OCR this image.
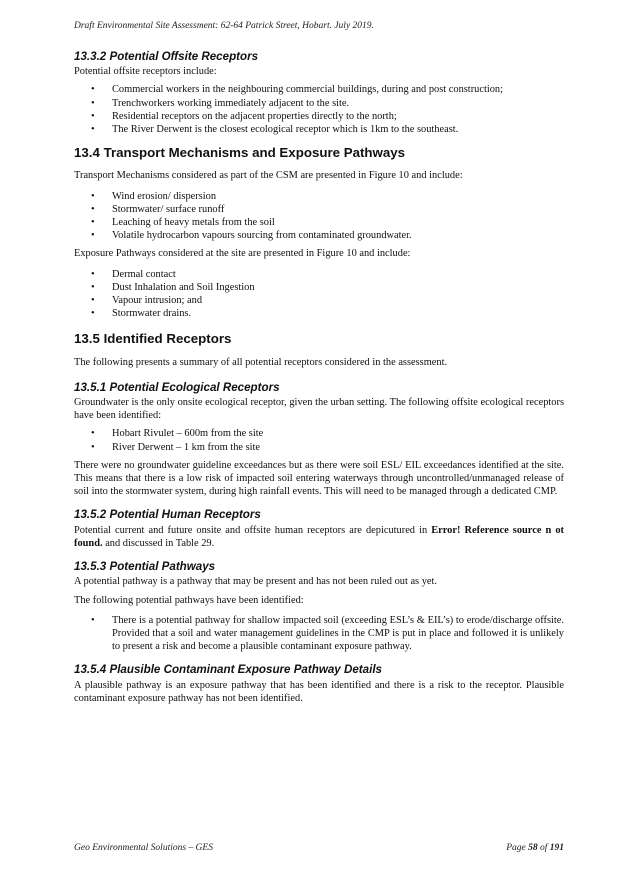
Draft Environmental Site Assessment: 62-64 Patrick Street, Hobart. July 2019.
13.3.2 Potential Offsite Receptors

Potential offsite receptors include:

• Commercial workers in the neighbouring commercial buildings, during and post construction;
• Trenchworkers working immediately adjacent to the site.
• Residential receptors on the adjacent properties directly to the north;
• The River Derwent is the closest ecological receptor which is 1km to the southeast.
13.4 Transport Mechanisms and Exposure Pathways

Transport Mechanisms considered as part of the CSM are presented in Figure 10 and include:

• Wind erosion/ dispersion
• Stormwater/ surface runoff
• Leaching of heavy metals from the soil
• Volatile hydrocarbon vapours sourcing from contaminated groundwater.

Exposure Pathways considered at the site are presented in Figure 10 and include:

• Dermal contact
• Dust Inhalation and Soil Ingestion
• Vapour intrusion; and
• Stormwater drains.
13.5 Identified Receptors

The following presents a summary of all potential receptors considered in the assessment.

13.5.1 Potential Ecological Receptors

Groundwater is the only onsite ecological receptor, given the urban setting. The following offsite ecological receptors have been identified:

• Hobart Rivulet – 600m from the site
• River Derwent – 1 km from the site

There were no groundwater guideline exceedances but as there were soil ESL/ EIL exceedances identified at the site. This means that there is a low risk of impacted soil entering waterways through uncontrolled/unmanaged release of soil into the stormwater system, during high rainfall events. This will need to be managed through a dedicated CMP.

13.5.2 Potential Human Receptors

Potential current and future onsite and offsite human receptors are depicutured in Error! Reference source n ot found. and discussed in Table 29.

13.5.3 Potential Pathways

A potential pathway is a pathway that may be present and has not been ruled out as yet.

The following potential pathways have been identified:

• There is a potential pathway for shallow impacted soil (exceeding ESL’s & EIL’s) to erode/discharge offsite. Provided that a soil and water management guidelines in the CMP is put in place and followed it is unlikely to present a risk and become a plausible contaminant exposure pathway.
13.5.4 Plausible Contaminant Exposure Pathway Details

A plausible pathway is an exposure pathway that has been identified and there is a risk to the receptor. Plausible contaminant exposure pathway has not been identified.

Geo Environmental Solutions – GES	Page 58 of 191
